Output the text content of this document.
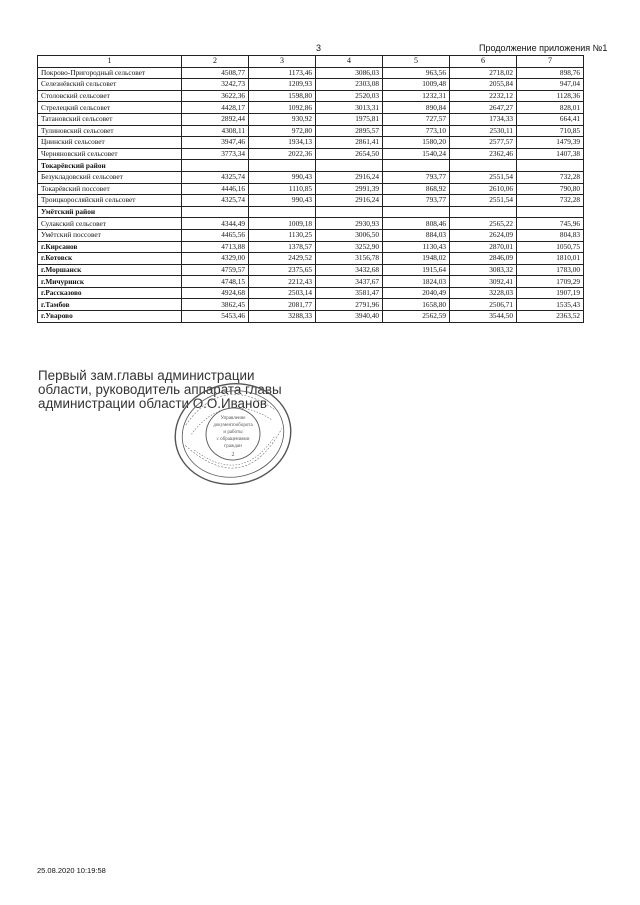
3	Продолжение приложения №1
1	2	3	4	5	6	7
Покрово-Пригородный сельсовет	4508,77	1173,46	3086,03	963,56	2718,02	898,76
Селезнёвский сельсовет	3242,73	1209,93	2303,08	1009,48	2055,84	947,04
Столовский сельсовет	3622,36	1598,80	2520,03	1232,31	2232,12	1128,36
Стрелецкий сельсовет	4428,17	1092,86	3013,31	890,84	2647,27	828,01
Татановский сельсовет	2892,44	930,92	1975,81	727,57	1734,33	664,41
Тулиновский сельсовет	4308,11	972,80	2895,57	773,10	2530,11	710,85
Цнинский сельсовет	3947,46	1934,13	2861,41	1580,20	2577,57	1479,39
Черняновский сельсовет	3773,34	2022,36	2654,50	1540,24	2362,46	1407,38
Токарёвский район						
Безукладовский сельсовет	4325,74	990,43	2916,24	793,77	2551,54	732,28
Токарёвский поссовет	4446,16	1110,85	2991,39	868,92	2610,06	790,80
Троицкоросляйский сельсовет	4325,74	990,43	2916,24	793,77	2551,54	732,28
Умётский район						
Сулакский сельсовет	4344,49	1009,18	2930,93	808,46	2565,22	745,96
Умётский поссовет	4465,56	1130,25	3006,50	884,03	2624,09	804,83
г.Кирсанов	4713,88	1378,57	3252,90	1130,43	2870,01	1050,75
г.Котовск	4329,00	2429,52	3156,78	1948,02	2846,09	1810,01
г.Моршанск	4759,57	2375,65	3432,68	1915,64	3083,32	1783,00
г.Мичуринск	4748,15	2212,43	3437,67	1824,03	3092,41	1709,29
г.Рассказово	4924,68	2503,14	3581,47	2040,49	3228,03	1907,19
г.Тамбов	3862,45	2081,77	2791,96	1658,80	2506,71	1535,43
г.Уварово	5453,46	3288,33	3940,40	2562,59	3544,50	2363,52
Первый зам.главы администрации
области, руководитель аппарата главы
администрации области О.О.Иванов
Управление
документооборота
и работы
с обращениями
граждан
2
25.08.2020 10:19:58
